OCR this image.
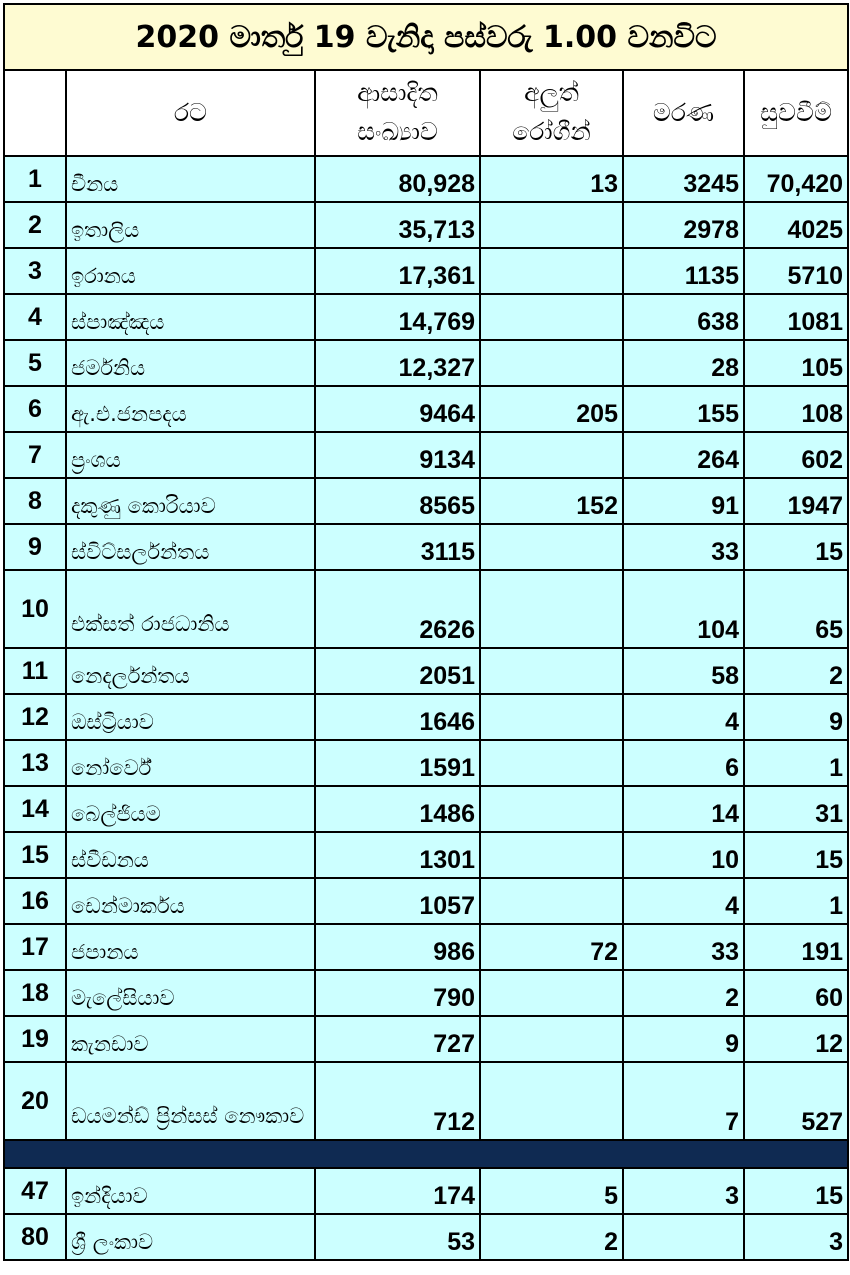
2020 මාර්තු 19 වැනිදා පස්වරු 1.00 වනවිට					
	රට	ආසාදිත සංඛ්‍යාව	අලුත් රෝගීන්	මරණ	සුවවීම්
1	චීනය	80,928	13	3245	70,420
2	ඉතාලිය	35,713		2978	4025
3	ඉරානය	17,361		1135	5710
4	ස්පාඤ්ඤය	14,769		638	1081
5	ජර්මනිය	12,327		28	105
6	ඇ.එ.ජනපදය	9464	205	155	108
7	ප්‍රංශය	9134		264	602
8	දකුණු කොරියාව	8565	152	91	1947
9	ස්විට්සර්ලන්තය	3115		33	15
10	එක්සත් රාජධානිය	2626		104	65
11	නෙදර්ලන්තය	2051		58	2
12	ඔස්ට්‍රියාව	1646		4	9
13	නෝර්වේ	1591		6	1
14	බෙල්ජියම	1486		14	31
15	ස්වීඩනය	1301		10	15
16	ඩෙන්මාර්කය	1057		4	1
17	ජපානය	986	72	33	191
18	මැලේසියාව	790		2	60
19	කැනඩාව	727		9	12
20	ඩයමන්ඩ් ප්‍රින්සස් නෞකාව	712		7	527

47	ඉන්දියාව	174	5	3	15
80	ශ්‍රී ලංකාව	53	2		3
